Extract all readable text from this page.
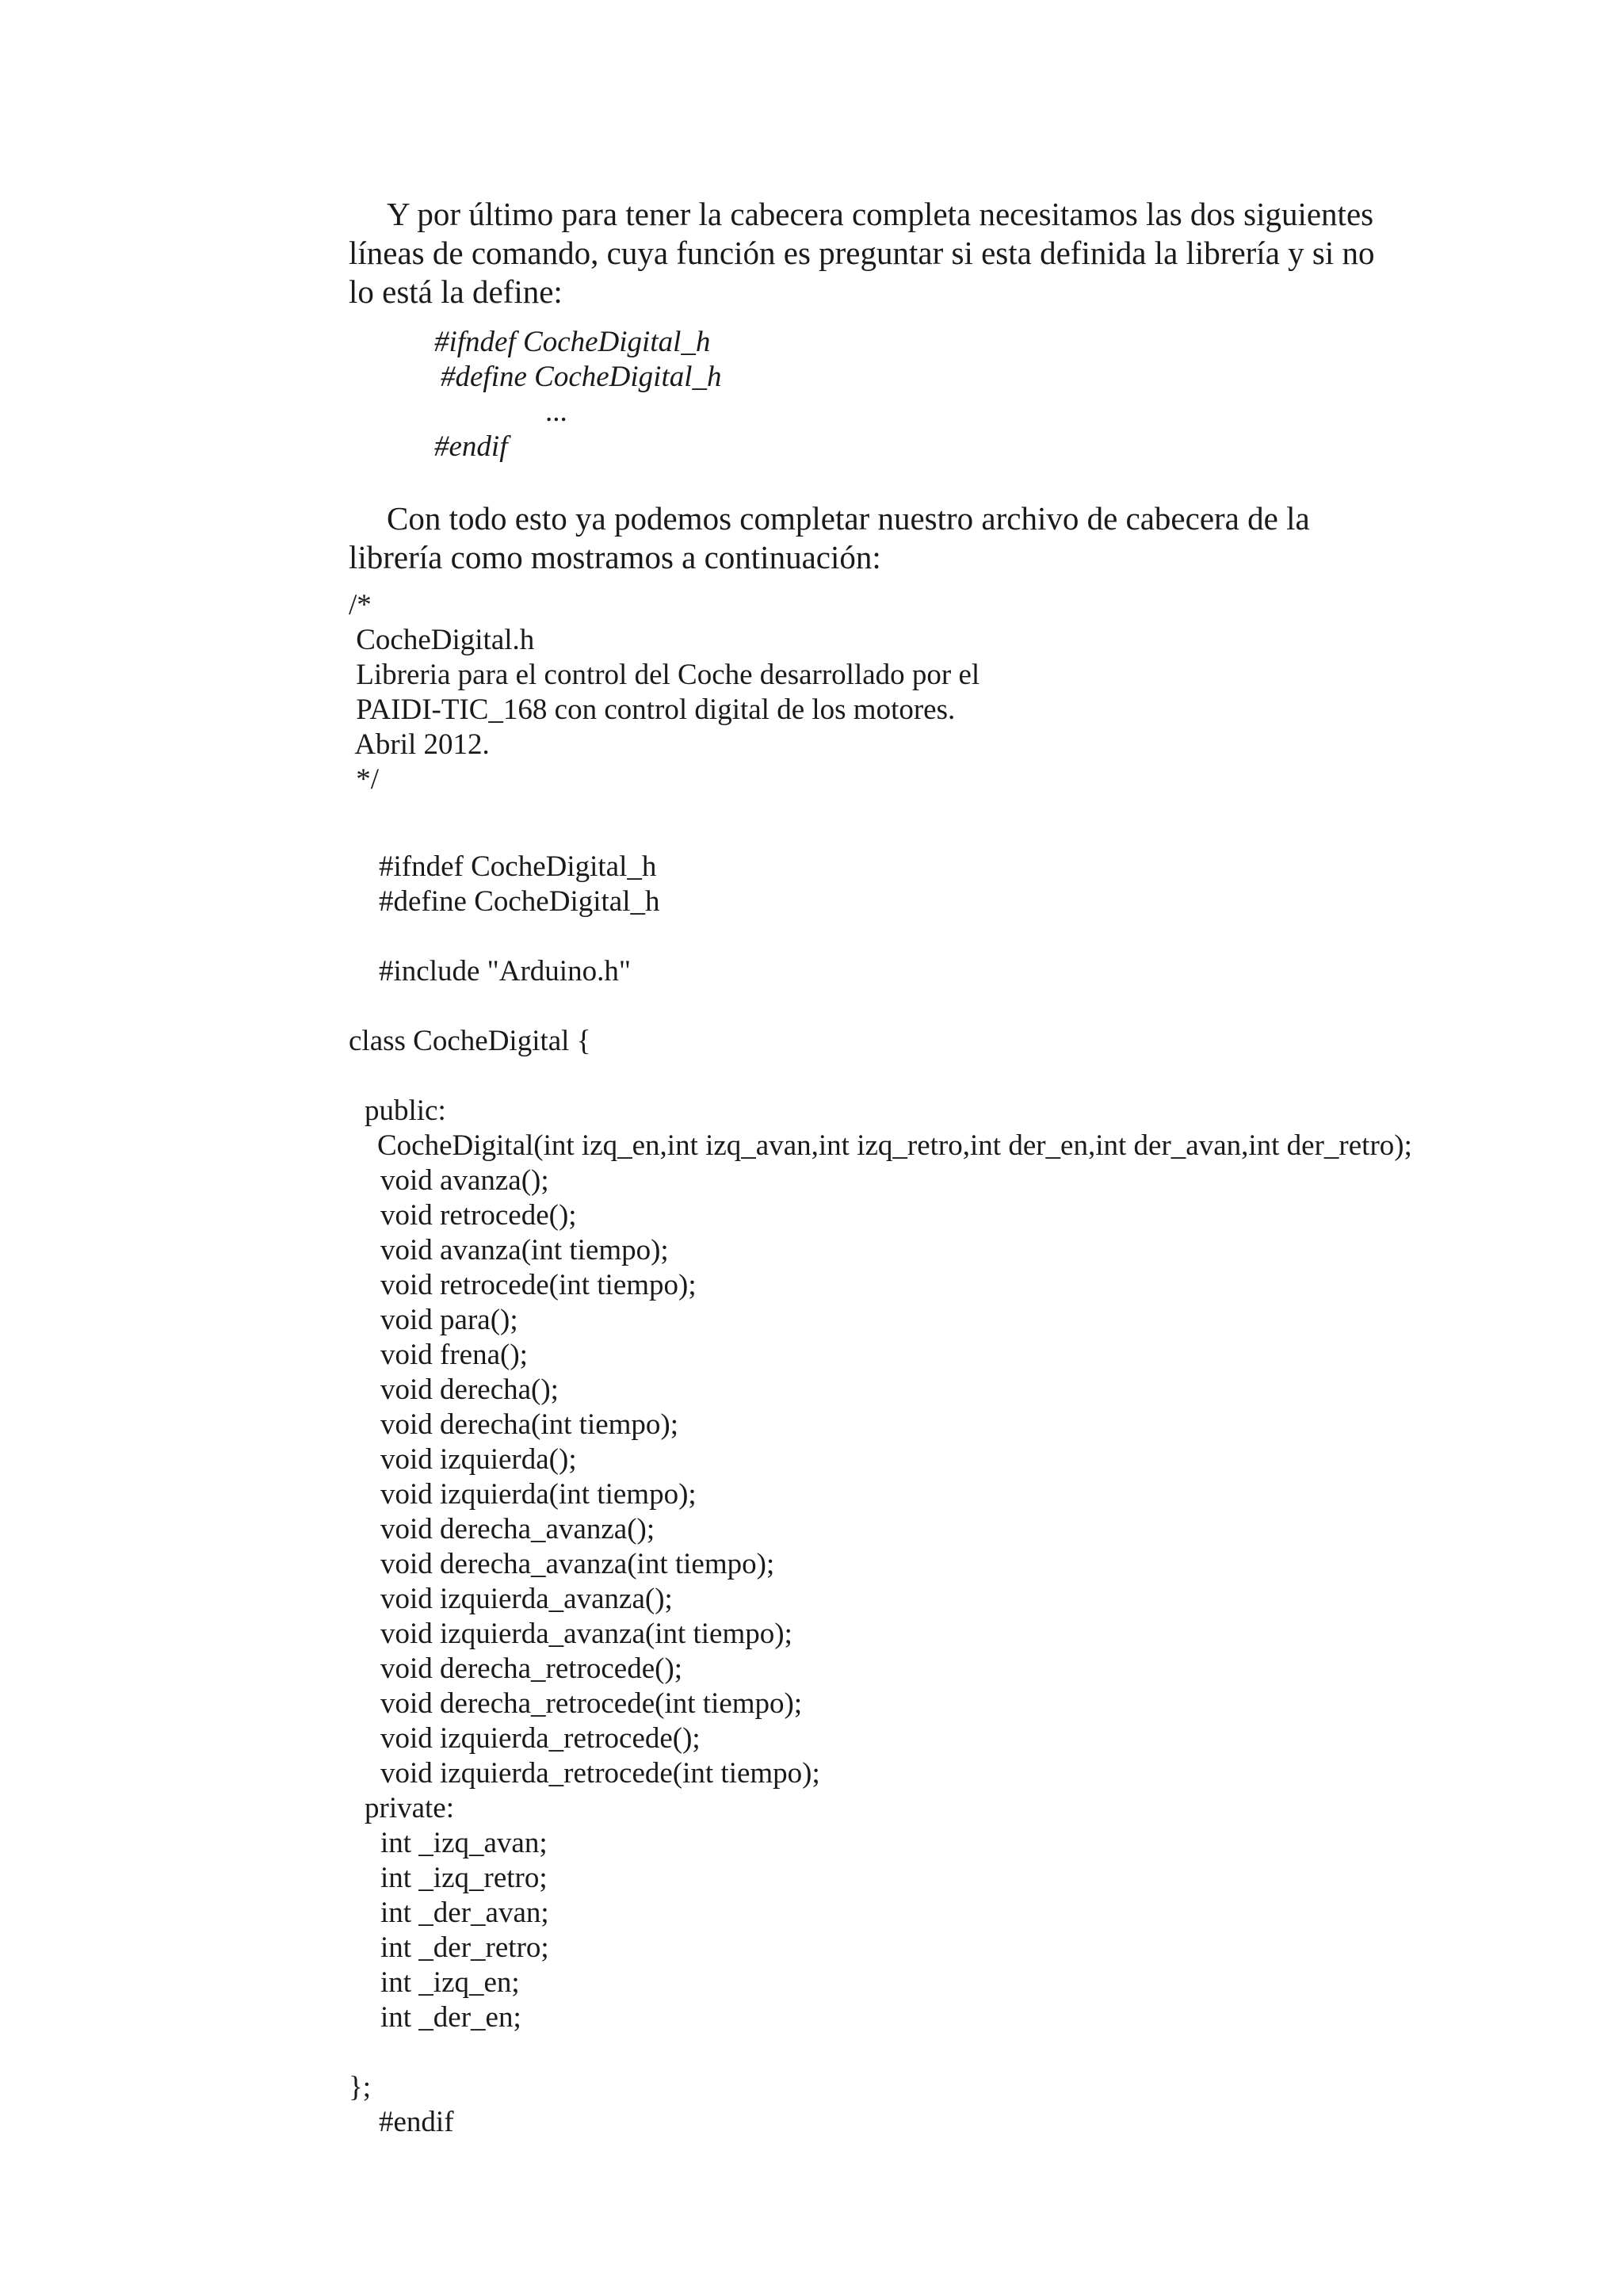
Y por último para tener la cabecera completa necesitamos las dos siguientes
líneas de comando, cuya función es preguntar si esta definida la librería y si no
lo está la define:

#ifndef CocheDigital_h
#define CocheDigital_h
...
#endif

Con todo esto ya podemos completar nuestro archivo de cabecera de la
librería como mostramos a continuación:

/*
CocheDigital.h
Libreria para el control del Coche desarrollado por el
PAIDI-TIC_168 con control digital de los motores.
Abril 2012.
*/
#ifndef CocheDigital_h
#define CocheDigital_h
#include "Arduino.h"
class CocheDigital {
public:
CocheDigital(int izq_en,int izq_avan,int izq_retro,int der_en,int der_avan,int der_retro);
void avanza();
void retrocede();
void avanza(int tiempo);
void retrocede(int tiempo);
void para();
void frena();
void derecha();
void derecha(int tiempo);
void izquierda();
void izquierda(int tiempo);
void derecha_avanza();
void derecha_avanza(int tiempo);
void izquierda_avanza();
void izquierda_avanza(int tiempo);
void derecha_retrocede();
void derecha_retrocede(int tiempo);
void izquierda_retrocede();
void izquierda_retrocede(int tiempo);
private:
int _izq_avan;
int _izq_retro;
int _der_avan;
int _der_retro;
int _izq_en;
int _der_en;
};
#endif
